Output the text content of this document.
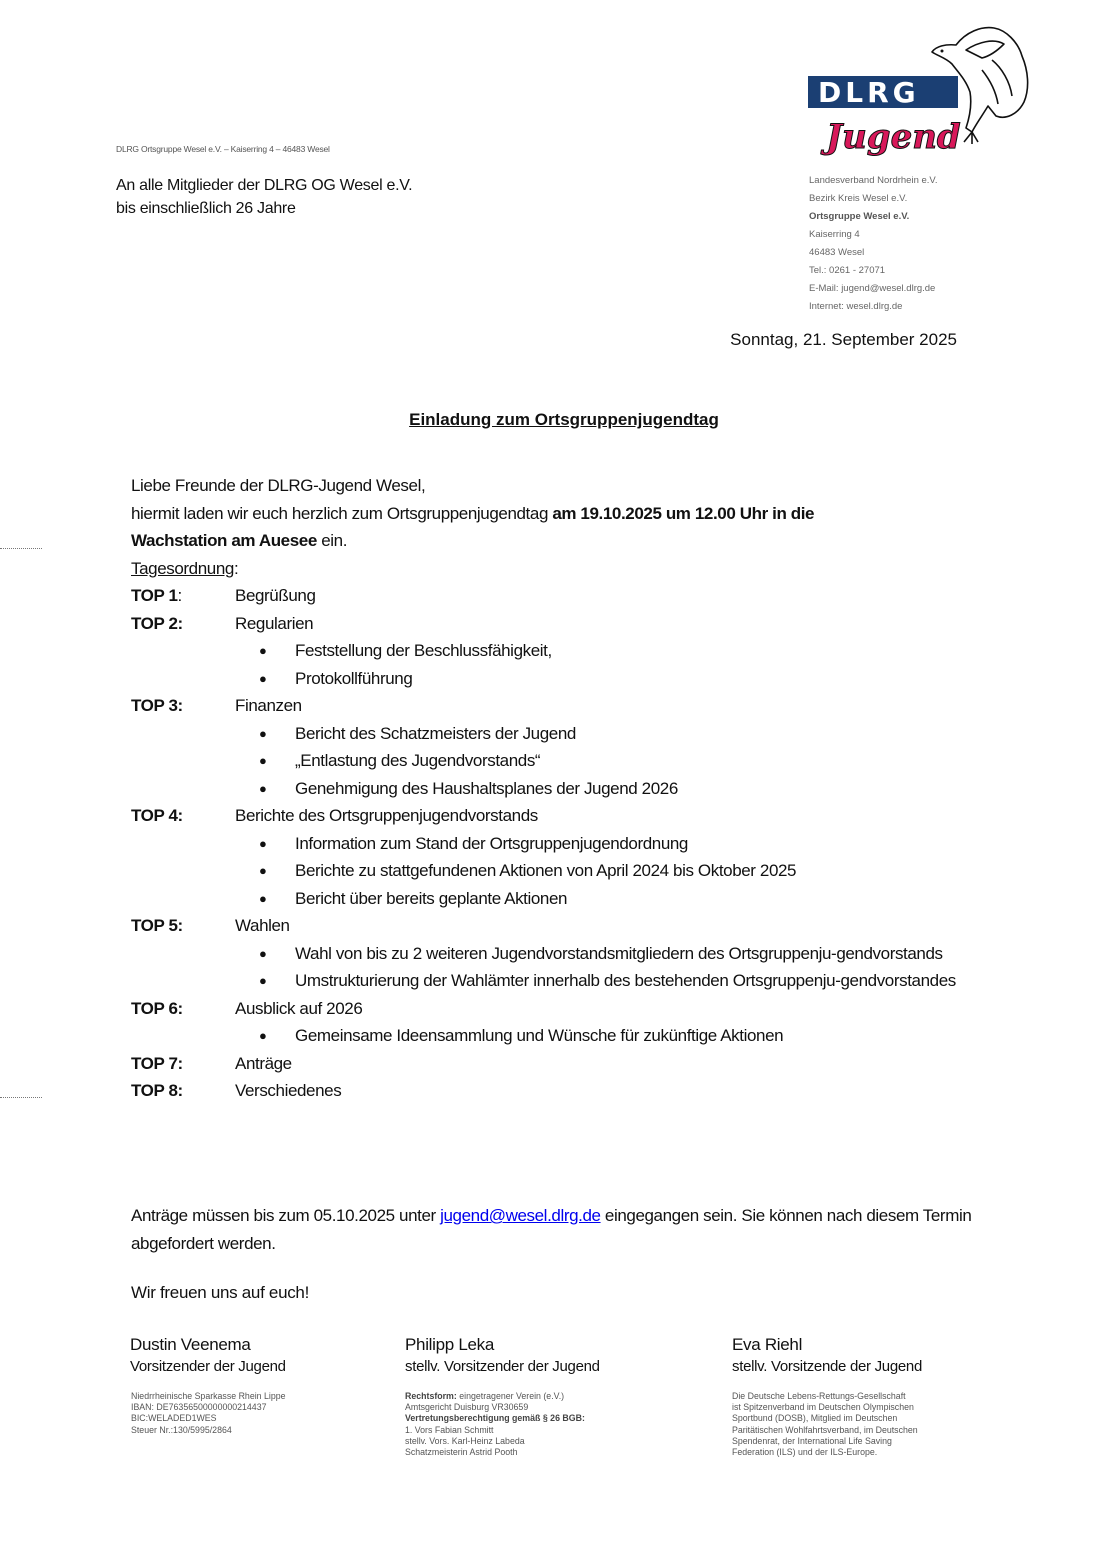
DLRG Ortsgruppe Wesel e.V. – Kaiserring 4 – 46483 Wesel
An alle Mitglieder der DLRG OG Wesel e.V.
bis einschließlich 26 Jahre
DLRG
Jugend
Landesverband Nordrhein e.V.
Bezirk Kreis Wesel e.V.
Ortsgruppe Wesel e.V.
Kaiserring 4
46483 Wesel
Tel.: 0261 - 27071
E-Mail: jugend@wesel.dlrg.de
Internet: wesel.dlrg.de
Sonntag, 21. September 2025
Einladung zum Ortsgruppenjugendtag

Liebe Freunde der DLRG-Jugend Wesel,

hiermit laden wir euch herzlich zum Ortsgruppenjugendtag am 19.10.2025 um 12.00 Uhr in die
Wachstation am Auesee ein.

Tagesordnung:

TOP 1:	Begrüßung
TOP 2:	Regularien
●	Feststellung der Beschlussfähigkeit,
●	Protokollführung
TOP 3:	Finanzen
●	Bericht des Schatzmeisters der Jugend
●	„Entlastung des Jugendvorstands“
●	Genehmigung des Haushaltsplanes der Jugend 2026
TOP 4:	Berichte des Ortsgruppenjugendvorstands
●	Information zum Stand der Ortsgruppenjugendordnung
●	Berichte zu stattgefundenen Aktionen von April 2024 bis Oktober 2025
●	Bericht über bereits geplante Aktionen
TOP 5:	Wahlen
●	Wahl von bis zu 2 weiteren Jugendvorstandsmitgliedern des Ortsgruppenju-gendvorstands
●	Umstrukturierung der Wahlämter innerhalb des bestehenden Ortsgruppenju-gendvorstandes
TOP 6:	Ausblick auf 2026
●	Gemeinsame Ideensammlung und Wünsche für zukünftige Aktionen
TOP 7:	Anträge
TOP 8:	Verschiedenes
Anträge müssen bis zum 05.10.2025 unter jugend@wesel.dlrg.de eingegangen sein. Sie können nach diesem Termin abgefordert werden.
Wir freuen uns auf euch!
Dustin Veenema
Vorsitzender der Jugend
Philipp Leka
stellv. Vorsitzender der Jugend
Eva Riehl
stellv. Vorsitzende der Jugend
Niedrrheinische Sparkasse Rhein Lippe
IBAN: DE76356500000000214437
BIC:WELADED1WES
Steuer Nr.:130/5995/2864
Rechtsform: eingetragener Verein (e.V.)
Amtsgericht Duisburg VR30659
Vertretungsberechtigung gemäß § 26 BGB:
1. Vors Fabian Schmitt
stellv. Vors. Karl-Heinz Labeda
Schatzmeisterin Astrid Pooth
Die Deutsche Lebens-Rettungs-Gesellschaft
ist Spitzenverband im Deutschen Olympischen
Sportbund (DOSB), Mitglied im Deutschen
Paritätischen Wohlfahrtsverband, im Deutschen
Spendenrat, der International Life Saving
Federation (ILS) und der ILS-Europe.
